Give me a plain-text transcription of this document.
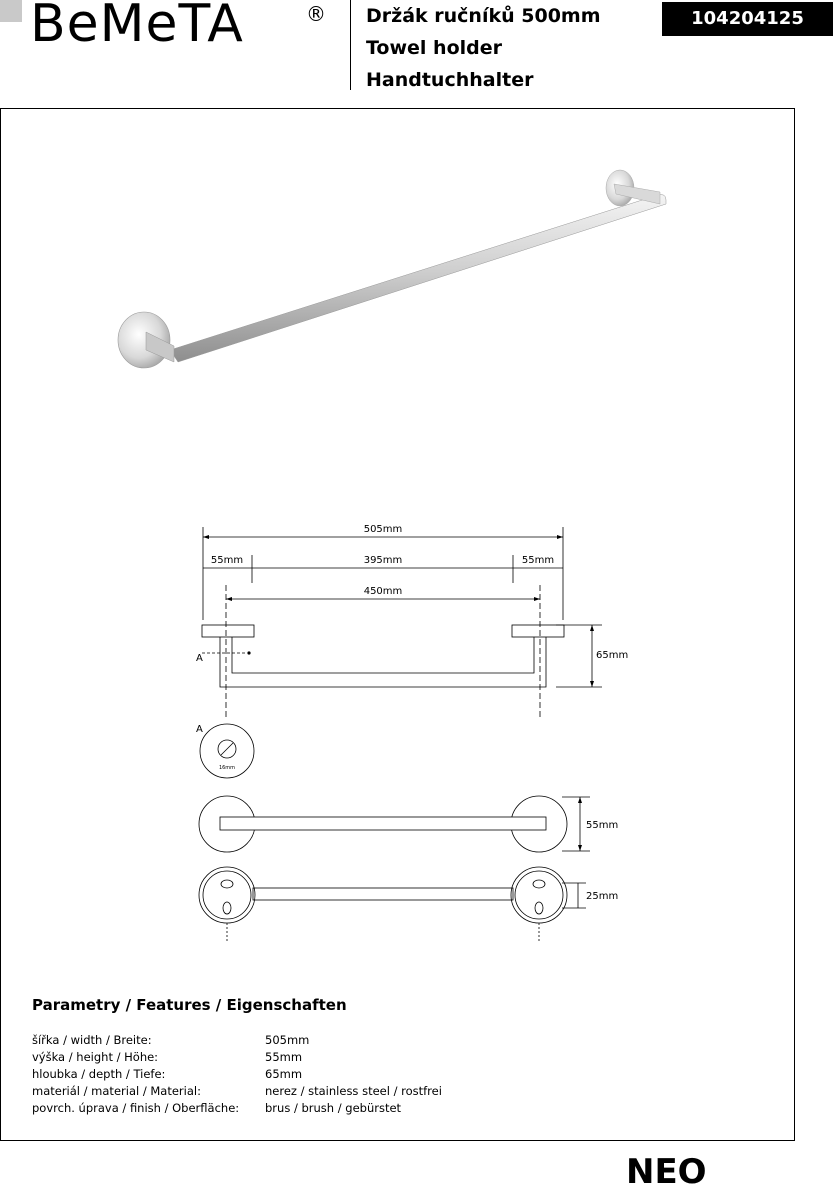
BeMeTA	® Držák ručníků 500mm
Towel holder
Handtuchhalter
104204125
505mm
55mm	395mm	55mm
450mm
65mm
A
A
16mm
55mm
25mm
Parametry / Features / Eigenschaften
šířka / width / Breite:	505mm
výška / height / Höhe:	55mm
hloubka / depth / Tiefe:	65mm
materiál / material / Material:	nerez / stainless steel / rostfrei
povrch. úprava / finish / Oberfläche:	brus / brush / gebürstet
NEO
